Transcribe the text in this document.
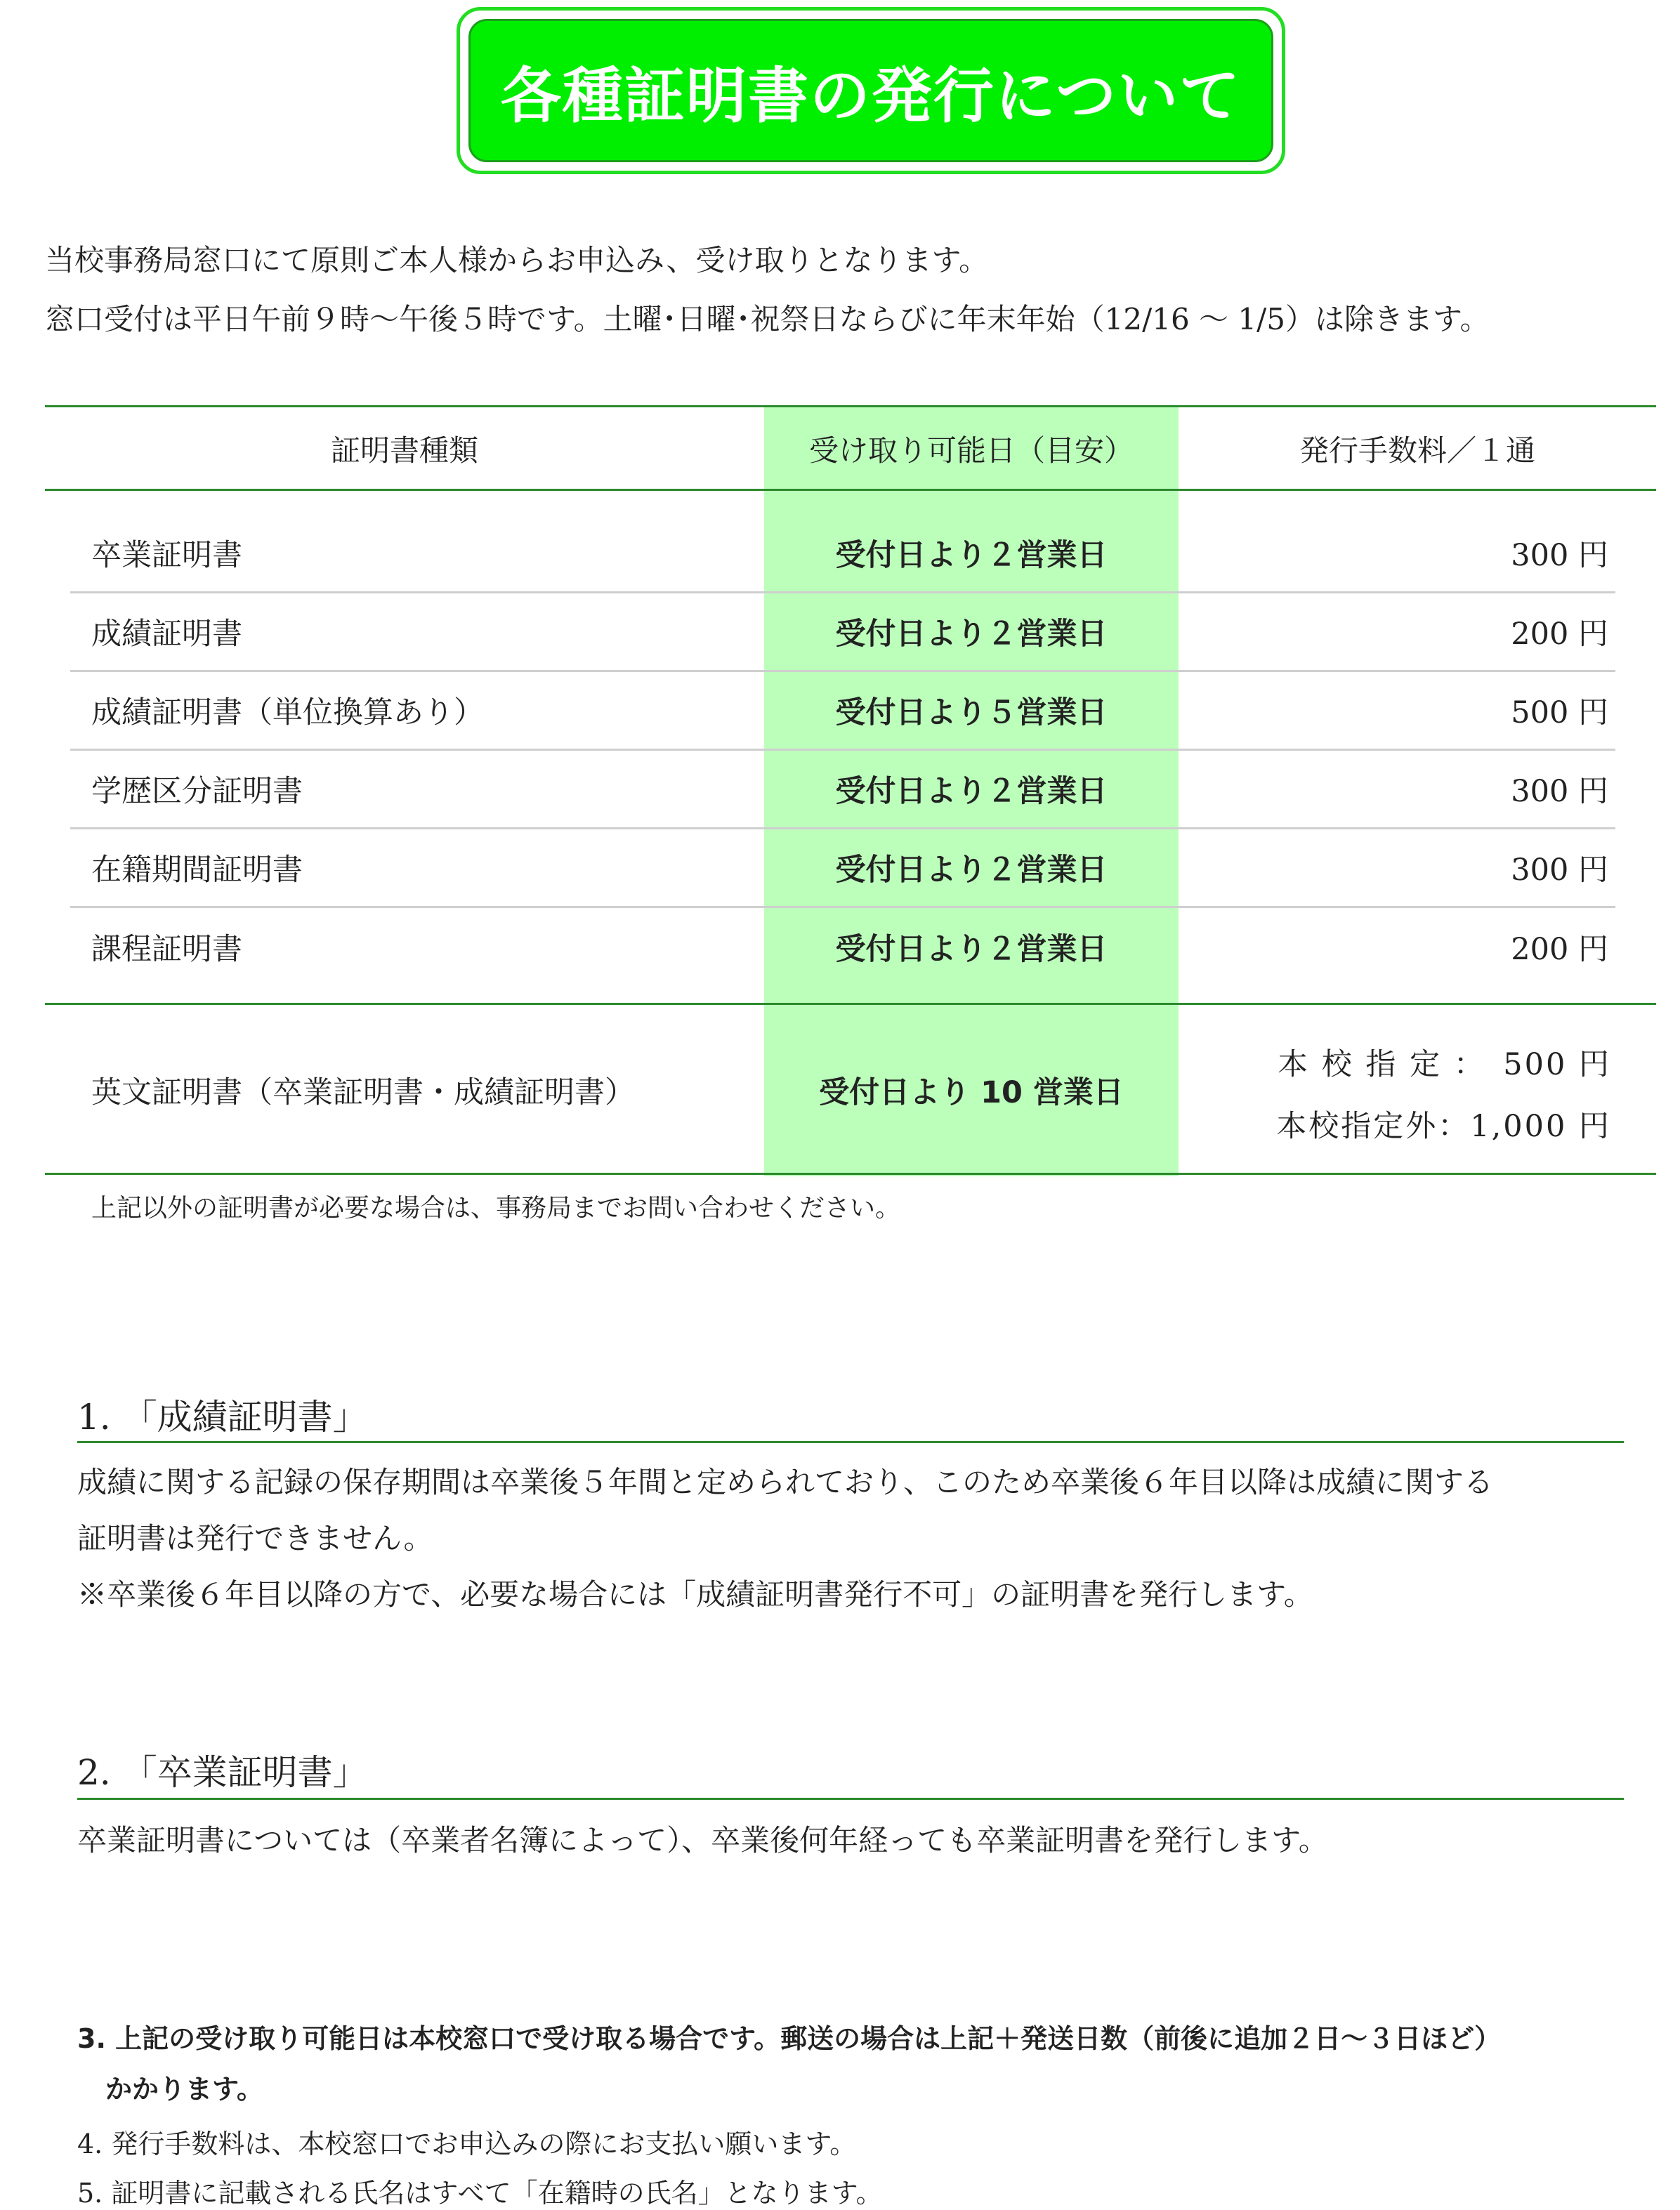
各種証明書の発行について
当校事務局窓口にて原則ご本人様からお申込み、受け取りとなります。
窓口受付は平日午前９時〜午後５時です。土曜･日曜･祝祭日ならびに年末年始（12/16 〜 1/5）は除きます。
証明書種類	受け取り可能日（目安）	発行手数料／１通
卒業証明書	受付日より２営業日	300 円
成績証明書	受付日より２営業日	200 円
成績証明書（単位換算あり）	受付日より５営業日	500 円
学歴区分証明書	受付日より２営業日	300 円
在籍期間証明書	受付日より２営業日	300 円
課程証明書	受付日より２営業日	200 円
英文証明書（卒業証明書・成績証明書）	受付日より 10 営業日
本 校 指 定 ：　500 円
本校指定外：1,000 円
上記以外の証明書が必要な場合は、事務局までお問い合わせください。
1. 「成績証明書」
成績に関する記録の保存期間は卒業後５年間と定められており、このため卒業後６年目以降は成績に関する
証明書は発行できません。
※卒業後６年目以降の方で、必要な場合には「成績証明書発行不可」の証明書を発行します。
2. 「卒業証明書」
卒業証明書については（卒業者名簿によって）、卒業後何年経っても卒業証明書を発行します。
3. 上記の受け取り可能日は本校窓口で受け取る場合です。郵送の場合は上記＋発送日数（前後に追加２日〜３日ほど）
かかります。
4. 発行手数料は、本校窓口でお申込みの際にお支払い願います。
5. 証明書に記載される氏名はすべて「在籍時の氏名」となります。
